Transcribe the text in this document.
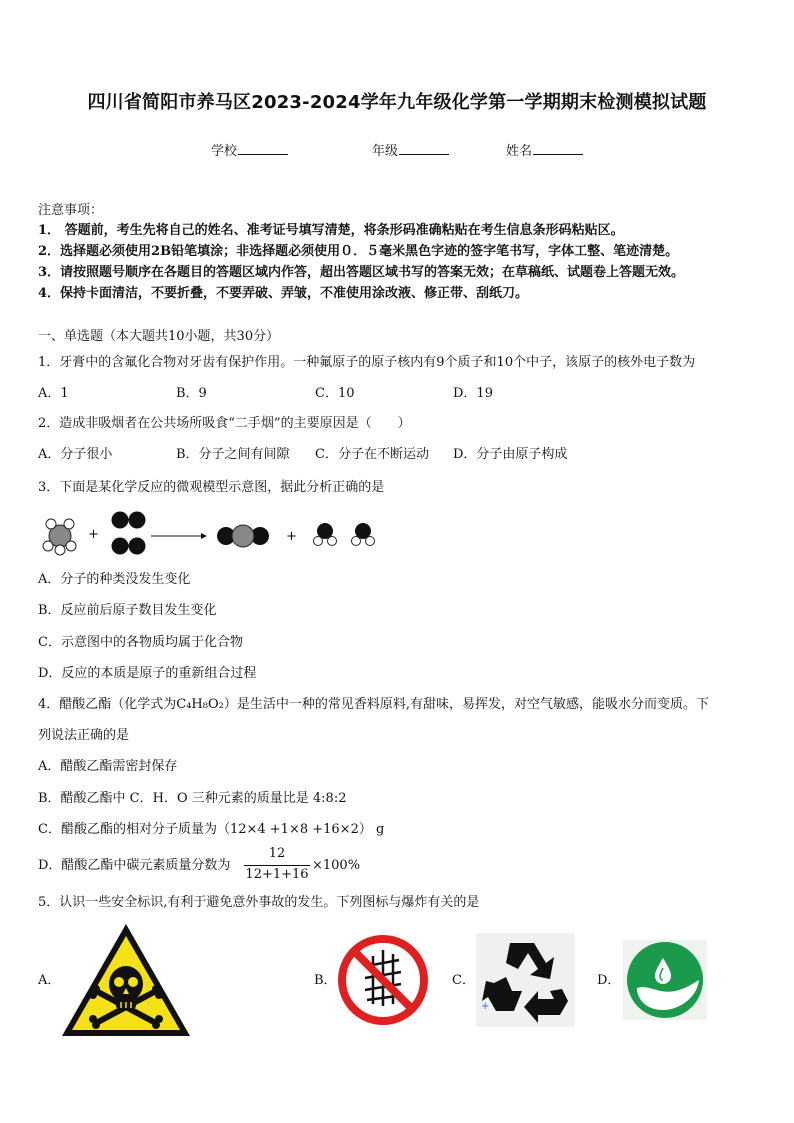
四川省简阳市养马区2023-2024学年九年级化学第一学期期末检测模拟试题
学校	年级	姓名
注意事项：
1． 答题前，考生先将自己的姓名、准考证号填写清楚，将条形码准确粘贴在考生信息条形码粘贴区。
2．选择题必须使用2B铅笔填涂；非选择题必须使用０．５毫米黑色字迹的签字笔书写，字体工整、笔迹清楚。
3．请按照题号顺序在各题目的答题区域内作答，超出答题区域书写的答案无效；在草稿纸、试题卷上答题无效。
4．保持卡面清洁，不要折叠，不要弄破、弄皱，不准使用涂改液、修正带、刮纸刀。
一、单选题（本大题共10小题，共30分）
1．牙膏中的含氟化合物对牙齿有保护作用。一种氟原子的原子核内有9个质子和10个中子，该原子的核外电子数为
A．1	B．9	C．10	D．19
2．造成非吸烟者在公共场所吸食“二手烟”的主要原因是（　　）
A．分子很小	B．分子之间有间隙 C．分子在不断运动 D．分子由原子构成
3．下面是某化学反应的微观模型示意图，据此分析正确的是
+	+
A．分子的种类没发生变化
B．反应前后原子数目发生变化
C．示意图中的各物质均属于化合物
D．反应的本质是原子的重新组合过程
4．醋酸乙酯（化学式为C₄H₈O₂）是生活中一种的常见香料原料,有甜味，易挥发，对空气敏感，能吸水分而变质。下
列说法正确的是
A．醋酸乙酯需密封保存
B．醋酸乙酯中 C．H．O 三种元素的质量比是 4:8:2
C．醋酸乙酯的相对分子质量为（12×4 +1×8 +16×2） g
D．醋酸乙酯中碳元素质量分数为
12
12+1+16
×100%
5．认识一些安全标识,有利于避免意外事故的发生。下列图标与爆炸有关的是
A．	B．	C．
+
D．
